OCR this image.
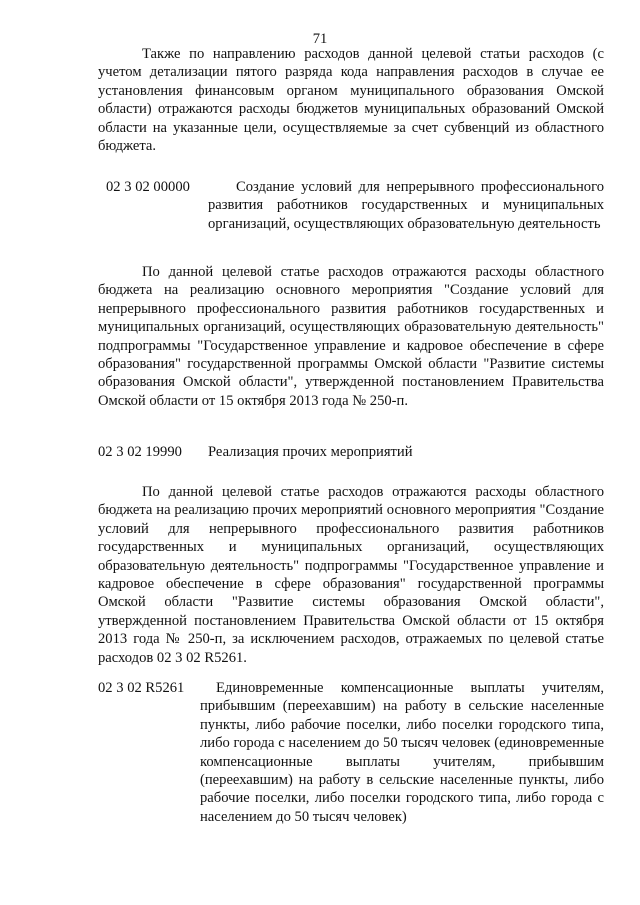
71

Также по направлению расходов данной целевой статьи расходов (с учетом детализации пятого разряда кода направления расходов в случае ее установления финансовым органом муниципального образования Омской области) отражаются расходы бюджетов муниципальных образований Омской области на указанные цели, осуществляемые за счет субвенций из областного бюджета.

02 3 02 00000	Создание условий для непрерывного профессионального развития работников государственных и муниципальных организаций, осуществляющих образовательную деятельность

По данной целевой статье расходов отражаются расходы областного бюджета на реализацию основного мероприятия "Создание условий для непрерывного профессионального развития работников государственных и муниципальных организаций, осуществляющих образовательную деятельность" подпрограммы "Государственное управление и кадровое обеспечение в сфере образования" государственной программы Омской области "Развитие системы образования Омской области", утвержденной постановлением Правительства Омской области от 15 октября 2013 года № 250-п.

02 3 02 19990 Реализация прочих мероприятий

По данной целевой статье расходов отражаются расходы областного бюджета на реализацию прочих мероприятий основного мероприятия "Создание условий для непрерывного профессионального развития работников государственных и муниципальных организаций, осуществляющих образовательную деятельность" подпрограммы "Государственное управление и кадровое обеспечение в сфере образования" государственной программы Омской области "Развитие системы образования Омской области", утвержденной постановлением Правительства Омской области от 15 октября 2013 года № 250-п, за исключением расходов, отражаемых по целевой статье расходов 02 3 02 R5261.

02 3 02 R5261	Единовременные компенсационные выплаты учителям, прибывшим (переехавшим) на работу в сельские населенные пункты, либо рабочие поселки, либо поселки городского типа, либо города с населением до 50 тысяч человек (единовременные компенсационные выплаты учителям, прибывшим (переехавшим) на работу в сельские населенные пункты, либо рабочие поселки, либо поселки городского типа, либо города с населением до 50 тысяч человек)
